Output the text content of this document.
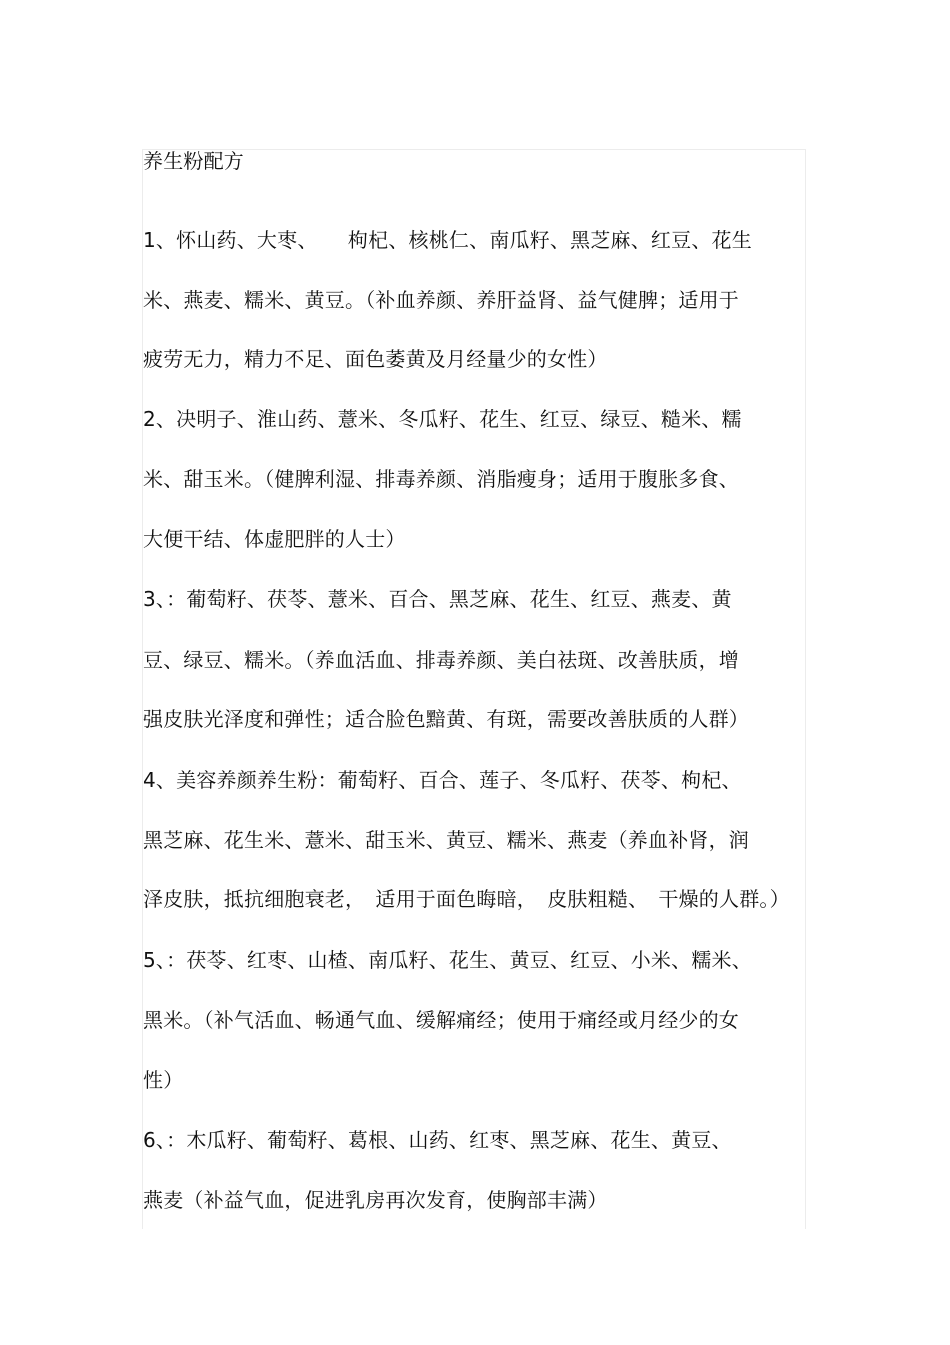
养生粉配方
1、怀山药、大枣、　　枸杞、核桃仁、南瓜籽、黑芝麻、红豆、花生
米、燕麦、糯米、黄豆。（补血养颜、养肝益肾、益气健脾；适用于
疲劳无力，精力不足、面色萎黄及月经量少的女性）
2、决明子、淮山药、薏米、冬瓜籽、花生、红豆、绿豆、糙米、糯
米、甜玉米。（健脾利湿、排毒养颜、消脂瘦身；适用于腹胀多食、
大便干结、体虚肥胖的人士）
3、：葡萄籽、茯苓、薏米、百合、黑芝麻、花生、红豆、燕麦、黄
豆、绿豆、糯米。（养血活血、排毒养颜、美白祛斑、改善肤质，增
强皮肤光泽度和弹性；适合脸色黯黄、有斑，需要改善肤质的人群）
4、美容养颜养生粉：葡萄籽、百合、莲子、冬瓜籽、茯苓、枸杞、
黑芝麻、花生米、薏米、甜玉米、黄豆、糯米、燕麦（养血补肾，润
泽皮肤，抵抗细胞衰老，　适用于面色晦暗，　皮肤粗糙、　干燥的人群。）
5、：茯苓、红枣、山楂、南瓜籽、花生、黄豆、红豆、小米、糯米、
黑米。（补气活血、畅通气血、缓解痛经；使用于痛经或月经少的女
性）
6、：木瓜籽、葡萄籽、葛根、山药、红枣、黑芝麻、花生、黄豆、
燕麦（补益气血，促进乳房再次发育，使胸部丰满）
